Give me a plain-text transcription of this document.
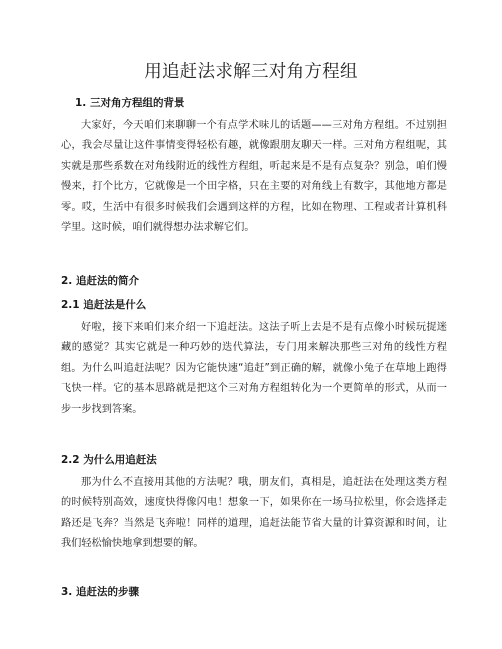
用追赶法求解三对角方程组
1. 三对角方程组的背景
大家好，今天咱们来聊聊一个有点学术味儿的话题——三对角方程组。不过别担心，我会尽量让这件事情变得轻松有趣，就像跟朋友聊天一样。三对角方程组呢，其实就是那些系数在对角线附近的线性方程组，听起来是不是有点复杂？别急，咱们慢慢来，打个比方，它就像是一个田字格，只在主要的对角线上有数字，其他地方都是零。哎，生活中有很多时候我们会遇到这样的方程，比如在物理、工程或者计算机科学里。这时候，咱们就得想办法求解它们。
2. 追赶法的简介
2.1 追赶法是什么
好啦，接下来咱们来介绍一下追赶法。这法子听上去是不是有点像小时候玩捉迷藏的感觉？其实它就是一种巧妙的迭代算法，专门用来解决那些三对角的线性方程组。为什么叫追赶法呢？因为它能快速“追赶”到正确的解，就像小兔子在草地上跑得飞快一样。它的基本思路就是把这个三对角方程组转化为一个更简单的形式，从而一步一步找到答案。
2.2 为什么用追赶法
那为什么不直接用其他的方法呢？哦，朋友们，真相是，追赶法在处理这类方程的时候特别高效，速度快得像闪电！想象一下，如果你在一场马拉松里，你会选择走路还是飞奔？当然是飞奔啦！同样的道理，追赶法能节省大量的计算资源和时间，让我们轻松愉快地拿到想要的解。
3. 追赶法的步骤
